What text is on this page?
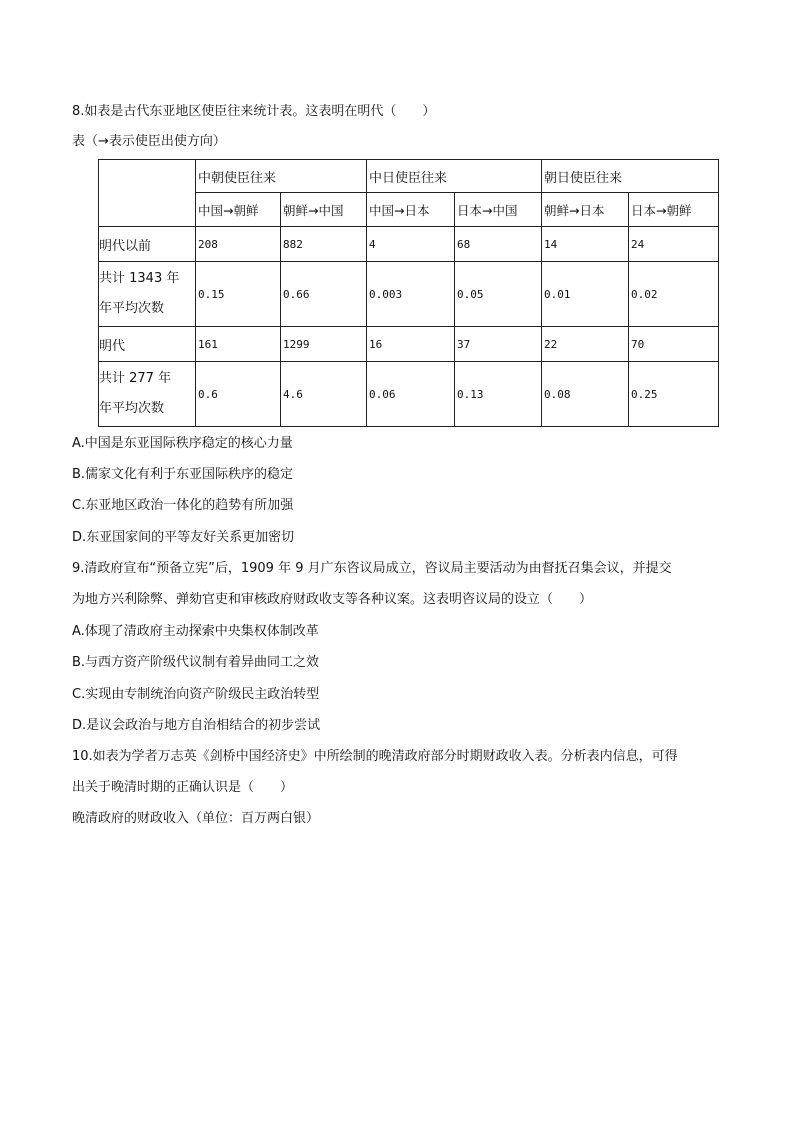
8.如表是古代东亚地区使臣往来统计表。这表明在明代（　　）
表（→表示使臣出使方向）
	中朝使臣往来		中日使臣往来		朝日使臣往来	
	中国→朝鲜	朝鲜→中国	中国→日本	日本→中国	朝鲜→日本	日本→朝鲜
明代以前	208	882	4	68	14	24

共计 1343 年
年平均次数	0.15	0.66	0.003	0.05	0.01	0.02
明代	161	1299	16	37	22	70

共计 277 年
年平均次数	0.6	4.6	0.06	0.13	0.08	0.25
A.中国是东亚国际秩序稳定的核心力量
B.儒家文化有利于东亚国际秩序的稳定
C.东亚地区政治一体化的趋势有所加强
D.东亚国家间的平等友好关系更加密切
9.清政府宣布“预备立宪”后，1909 年 9 月广东咨议局成立，咨议局主要活动为由督抚召集会议，并提交
为地方兴利除弊、弹劾官吏和审核政府财政收支等各种议案。这表明咨议局的设立（　　）
A.体现了清政府主动探索中央集权体制改革
B.与西方资产阶级代议制有着异曲同工之效
C.实现由专制统治向资产阶级民主政治转型
D.是议会政治与地方自治相结合的初步尝试
10.如表为学者万志英《剑桥中国经济史》中所绘制的晚清政府部分时期财政收入表。分析表内信息，可得
出关于晚清时期的正确认识是（　　）
晚清政府的财政收入（单位：百万两白银）
